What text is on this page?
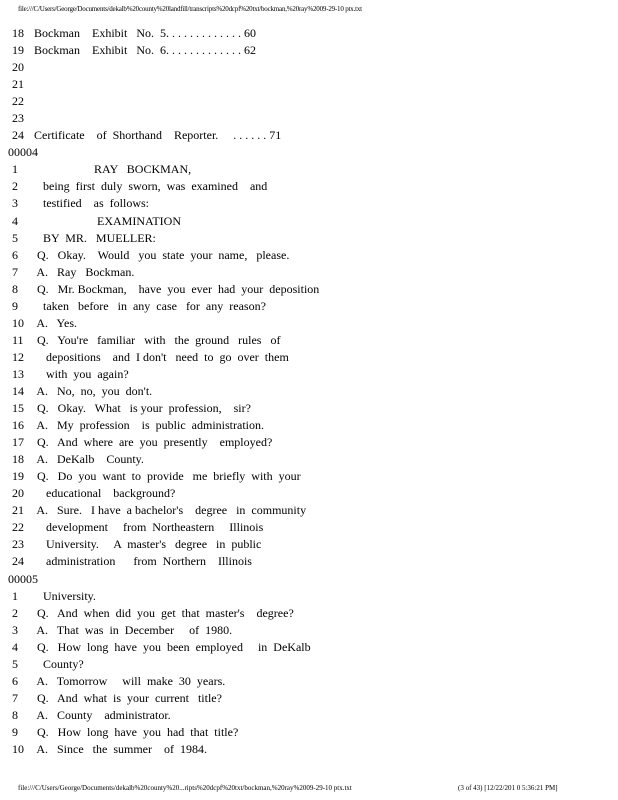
file:///C/Users/George/Documents/dekalb%20county%20landfill/transcripts%20dcpf%20txt/bockman,%20ray%2009-29-10 ptx.txt
18 Bockman    Exhibit   No.  5. . . . . . . . . . . . . 60
19 Bockman    Exhibit   No.  6. . . . . . . . . . . . . 62
20
21
22
23
24 Certificate    of  Shorthand    Reporter.     . . . . . . 71
00004
1                    RAY   BOCKMAN,
2   being  first  duly  sworn,  was  examined    and
3   testified    as  follows:
4                     EXAMINATION
5   BY  MR.   MUELLER:
6 Q.   Okay.    Would   you  state  your  name,   please.
7 A.   Ray   Bockman.
8 Q.   Mr. Bockman,    have  you  ever  had  your  deposition
9   taken   before   in  any  case   for  any  reason?
10 A.   Yes.
11 Q.   You're   familiar   with   the  ground   rules   of
12    depositions    and  I don't   need  to  go  over  them
13    with  you  again?
14 A.   No,  no,  you  don't.
15 Q.   Okay.   What   is your  profession,    sir?
16 A.   My  profession    is  public  administration.
17 Q.   And  where  are  you  presently    employed?
18 A.   DeKalb    County.
19 Q.   Do  you  want  to  provide   me  briefly  with  your
20    educational    background?
21 A.   Sure.   I have  a bachelor's    degree   in  community
22    development     from  Northeastern     Illinois
23    University.     A  master's   degree   in  public
24    administration      from  Northern    Illinois
00005
1   University.
2 Q.   And  when  did  you  get  that  master's    degree?
3 A.   That  was  in  December     of  1980.
4 Q.   How  long  have  you  been  employed     in  DeKalb
5   County?
6 A.   Tomorrow     will  make  30  years.
7 Q.   And  what  is  your  current   title?
8 A.   County    administrator.
9 Q.   How  long  have  you  had  that  title?
10 A.   Since   the  summer    of  1984.
file:///C/Users/George/Documents/dekalb%20county%20...ripts%20dcpf%20txt/bockman,%20ray%2009-29-10 ptx.txt	(3 of 43) [12/22/201 0 5:36:21 PM]
